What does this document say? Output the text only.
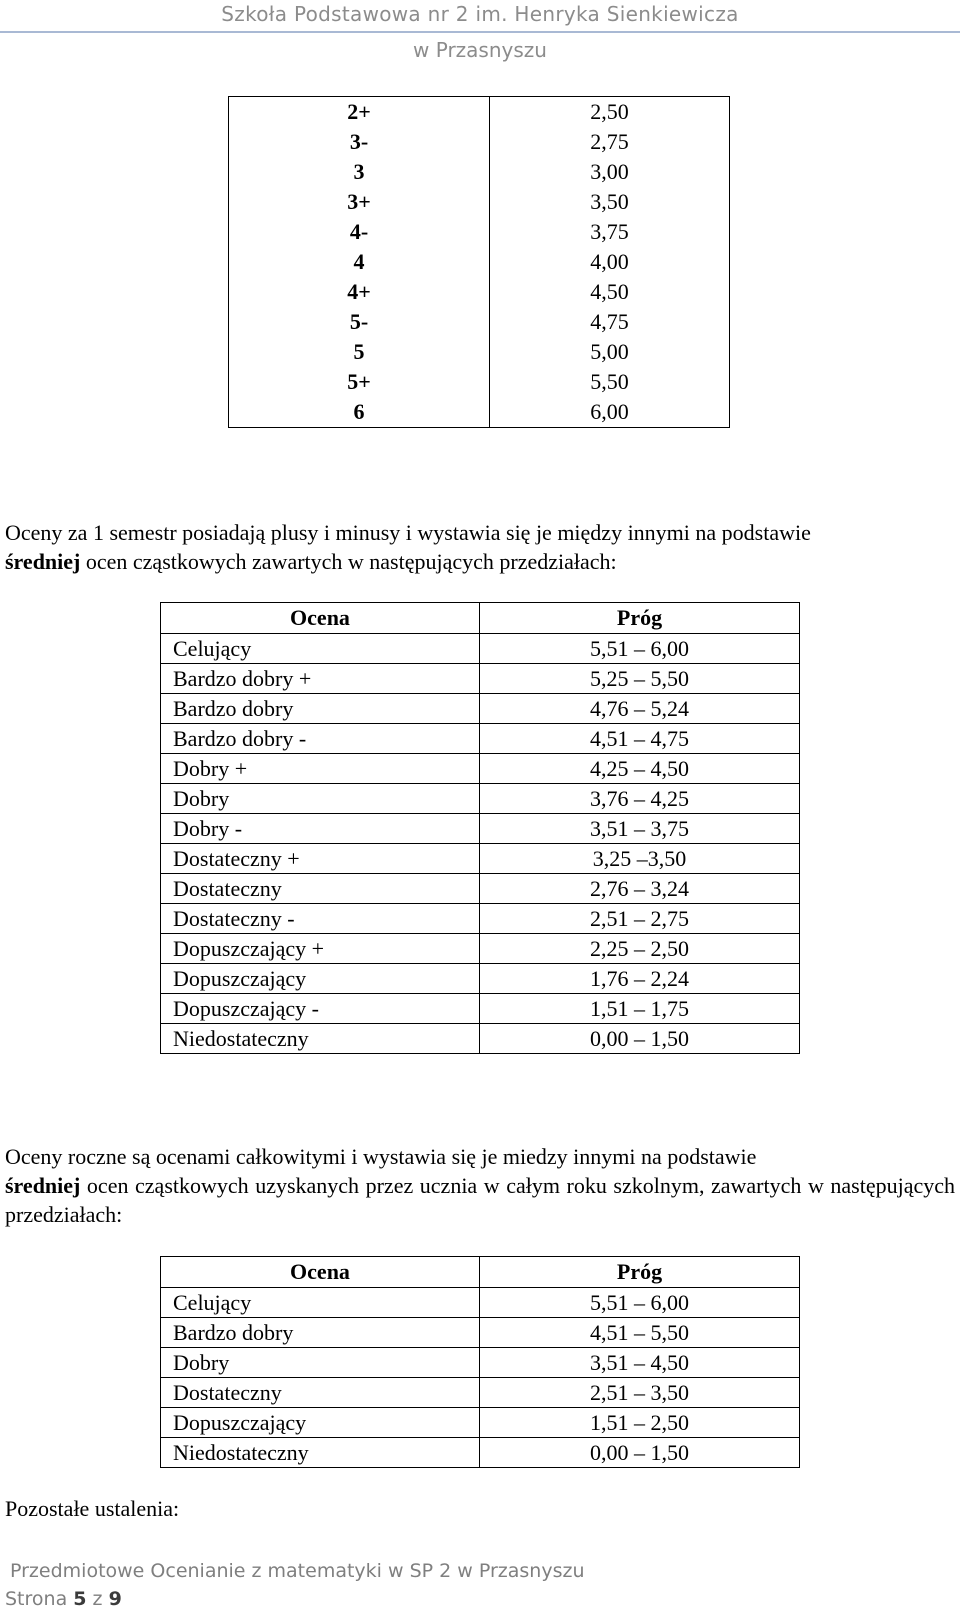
Szkoła Podstawowa nr 2 im. Henryka Sienkiewicza
w Przasnyszu
2+	2,50
3-	2,75
3	3,00
3+	3,50
4-	3,75
4	4,00
4+	4,50
5-	4,75
5	5,00
5+	5,50
6	6,00
Oceny za 1 semestr posiadają plusy i minusy i wystawia się je między innymi na podstawie
średniej ocen cząstkowych zawartych w następujących przedziałach:
Ocena	Próg
Celujący	5,51 – 6,00
Bardzo dobry +	5,25 – 5,50
Bardzo dobry	4,76 – 5,24
Bardzo dobry -	4,51 – 4,75
Dobry +	4,25 – 4,50
Dobry	3,76 – 4,25
Dobry -	3,51 – 3,75
Dostateczny +	3,25 –3,50
Dostateczny	2,76 – 3,24
Dostateczny -	2,51 – 2,75
Dopuszczający +	2,25 – 2,50
Dopuszczający	1,76 – 2,24
Dopuszczający -	1,51 – 1,75
Niedostateczny	0,00 – 1,50
Oceny roczne są ocenami całkowitymi i wystawia się je miedzy innymi na podstawie
średniej ocen cząstkowych uzyskanych przez ucznia w całym roku szkolnym, zawartych w następujących przedziałach:
Ocena	Próg
Celujący	5,51 – 6,00
Bardzo dobry	4,51 – 5,50
Dobry	3,51 – 4,50
Dostateczny	2,51 – 3,50
Dopuszczający	1,51 – 2,50
Niedostateczny	0,00 – 1,50
Pozostałe ustalenia:
Przedmiotowe Ocenianie z matematyki w SP 2 w Przasnyszu
Strona 5 z 9
